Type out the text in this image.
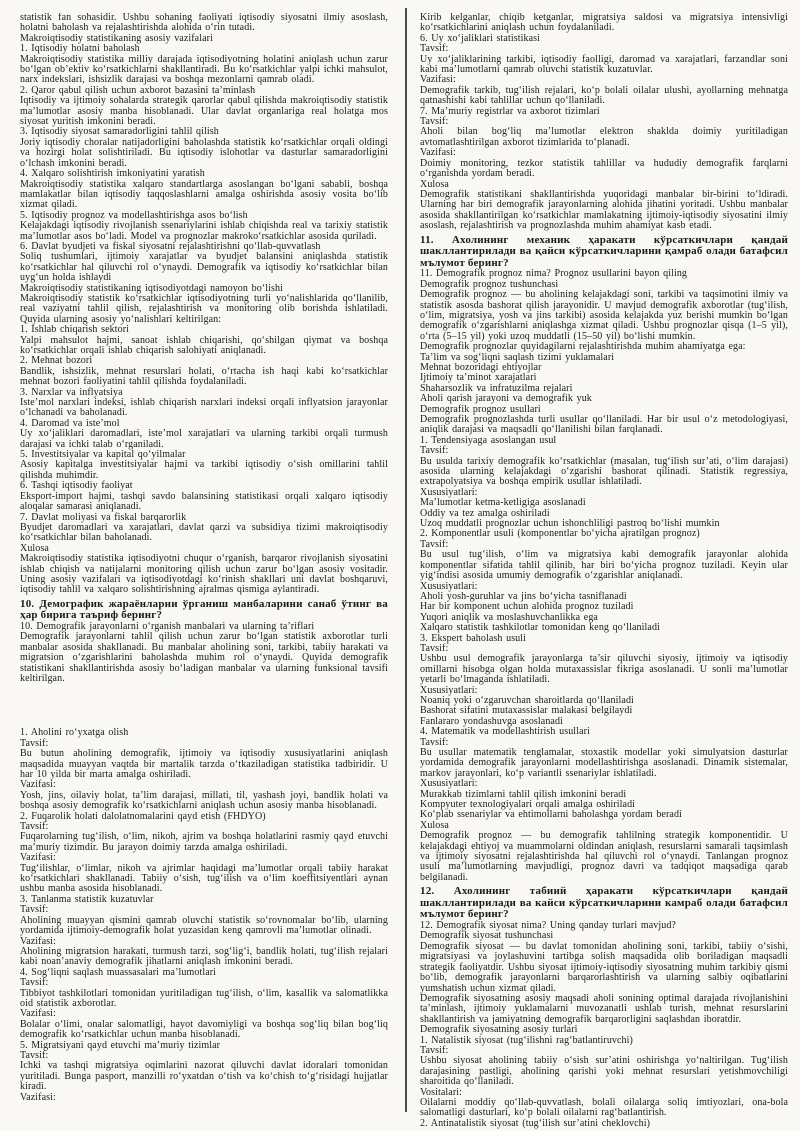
statistik fan sohasidir. Ushbu sohaning faoliyati iqtisodiy siyosatni ilmiy asoslash, holatni baholash va rejalashtirishda alohida o‘rin tutadi.

Makroiqtisodiy statistikaning asosiy vazifalari

1. Iqtisodiy holatni baholash

Makroiqtisodiy statistika milliy darajada iqtisodiyotning holatini aniqlash uchun zarur bo‘lgan ob’ektiv ko‘rsatkichlarni shakllantiradi. Bu ko‘rsatkichlar yalpi ichki mahsulot, narx indekslari, ishsizlik darajasi va boshqa mezonlarni qamrab oladi.

2. Qaror qabul qilish uchun axborot bazasini ta’minlash

Iqtisodiy va ijtimoiy sohalarda strategik qarorlar qabul qilishda makroiqtisodiy statistik ma’lumotlar asosiy manba hisoblanadi. Ular davlat organlariga real holatga mos siyosat yuritish imkonini beradi.

3. Iqtisodiy siyosat samaradorligini tahlil qilish

Joriy iqtisodiy choralar natijadorligini baholashda statistik ko‘rsatkichlar orqali oldingi va hozirgi holat solishtiriladi. Bu iqtisodiy islohotlar va dasturlar samaradorligini o‘lchash imkonini beradi.

4. Xalqaro solishtirish imkoniyatini yaratish

Makroiqtisodiy statistika xalqaro standartlarga asoslangan bo‘lgani sababli, boshqa mamlakatlar bilan iqtisodiy taqqoslashlarni amalga oshirishda asosiy vosita bo‘lib xizmat qiladi.

5. Iqtisodiy prognoz va modellashtirishga asos bo‘lish

Kelajakdagi iqtisodiy rivojlanish ssenariylarini ishlab chiqishda real va tarixiy statistik ma’lumotlar asos bo‘ladi. Model va prognozlar makroko‘rsatkichlar asosida quriladi.

6. Davlat byudjeti va fiskal siyosatni rejalashtirishni qo‘llab-quvvatlash

Soliq tushumlari, ijtimoiy xarajatlar va byudjet balansini aniqlashda statistik ko‘rsatkichlar hal qiluvchi rol o‘ynaydi. Demografik va iqtisodiy ko‘rsatkichlar bilan uyg‘un holda ishlaydi

Makroiqtisodiy statistikaning iqtisodiyotdagi namoyon bo‘lishi

Makroiqtisodiy statistik ko‘rsatkichlar iqtisodiyotning turli yo‘nalishlarida qo‘llanilib, real vaziyatni tahlil qilish, rejalashtirish va monitoring olib borishda ishlatiladi. Quyida ularning asosiy yo‘nalishlari keltirilgan:

1. Ishlab chiqarish sektori

Yalpi mahsulot hajmi, sanoat ishlab chiqarishi, qo‘shilgan qiymat va boshqa ko‘rsatkichlar orqali ishlab chiqarish salohiyati aniqlanadi.

2. Mehnat bozori

Bandlik, ishsizlik, mehnat resurslari holati, o‘rtacha ish haqi kabi ko‘rsatkichlar mehnat bozori faoliyatini tahlil qilishda foydalaniladi.

3. Narxlar va inflyatsiya

Iste’mol narxlari indeksi, ishlab chiqarish narxlari indeksi orqali inflyatsion jarayonlar o‘lchanadi va baholanadi.

4. Daromad va iste’mol

Uy xo‘jaliklari daromadlari, iste’mol xarajatlari va ularning tarkibi orqali turmush darajasi va ichki talab o‘rganiladi.

5. Investitsiyalar va kapital qo‘yilmalar

Asosiy kapitalga investitsiyalar hajmi va tarkibi iqtisodiy o‘sish omillarini tahlil qilishda muhimdir.

6. Tashqi iqtisodiy faoliyat

Eksport-import hajmi, tashqi savdo balansining statistikasi orqali xalqaro iqtisodiy aloqalar samarasi aniqlanadi.

7. Davlat moliyasi va fiskal barqarorlik

Byudjet daromadlari va xarajatlari, davlat qarzi va subsidiya tizimi makroiqtisodiy ko‘rsatkichlar bilan baholanadi.

Xulosa

Makroiqtisodiy statistika iqtisodiyotni chuqur o‘rganish, barqaror rivojlanish siyosatini ishlab chiqish va natijalarni monitoring qilish uchun zarur bo‘lgan asosiy vositadir. Uning asosiy vazifalari va iqtisodiyotdagi ko‘rinish shakllari uni davlat boshqaruvi, iqtisodiy tahlil va xalqaro solishtirishning ajralmas qismiga aylantiradi.

10. Демографик жараёнларни ўрганиш манбаларини санаб ўтинг ва ҳар бирига таъриф беринг?

10. Demografik jarayonlarni o‘rganish manbalari va ularning ta’riflari

Demografik jarayonlarni tahlil qilish uchun zarur bo‘lgan statistik axborotlar turli manbalar asosida shakllanadi. Bu manbalar aholining soni, tarkibi, tabiiy harakati va migratsion o‘zgarishlarini baholashda muhim rol o‘ynaydi. Quyida demografik statistikani shakllantirishda asosiy bo‘ladigan manbalar va ularning funksional tavsifi keltirilgan.

1. Aholini ro‘yxatga olish

Tavsif:

Bu butun aholining demografik, ijtimoiy va iqtisodiy xususiyatlarini aniqlash maqsadida muayyan vaqtda bir martalik tarzda o‘tkaziladigan statistika tadbiridir. U har 10 yilda bir marta amalga oshiriladi.

Vazifasi:

Yosh, jins, oilaviy holat, ta’lim darajasi, millati, til, yashash joyi, bandlik holati va boshqa asosiy demografik ko‘rsatkichlarni aniqlash uchun asosiy manba hisoblanadi.

2. Fuqarolik holati dalolatnomalarini qayd etish (FHDYO)

Tavsif:

Fuqarolarning tug‘ilish, o‘lim, nikoh, ajrim va boshqa holatlarini rasmiy qayd etuvchi ma’muriy tizimdir. Bu jarayon doimiy tarzda amalga oshiriladi.

Vazifasi:

Tug‘ilishlar, o‘limlar, nikoh va ajrimlar haqidagi ma’lumotlar orqali tabiiy harakat ko‘rsatkichlari shakllanadi. Tabiiy o‘sish, tug‘ilish va o‘lim koeffitsiyentlari aynan ushbu manba asosida hisoblanadi.

3. Tanlanma statistik kuzatuvlar

Tavsif:

Aholining muayyan qismini qamrab oluvchi statistik so‘rovnomalar bo‘lib, ularning yordamida ijtimoiy-demografik holat yuzasidan keng qamrovli ma’lumotlar olinadi.

Vazifasi:

Aholining migratsion harakati, turmush tarzi, sog‘lig‘i, bandlik holati, tug‘ilish rejalari kabi noan’anaviy demografik jihatlarni aniqlash imkonini beradi.

4. Sog‘liqni saqlash muassasalari ma’lumotlari

Tavsif:

Tibbiyot tashkilotlari tomonidan yuritiladigan tug‘ilish, o‘lim, kasallik va salomatlikka oid statistik axborotlar.

Vazifasi:

Bolalar o‘limi, onalar salomatligi, hayot davomiyligi va boshqa sog‘liq bilan bog‘liq demografik ko‘rsatkichlar uchun manba hisoblanadi.

5. Migratsiyani qayd etuvchi ma’muriy tizimlar

Tavsif:

Ichki va tashqi migratsiya oqimlarini nazorat qiluvchi davlat idoralari tomonidan yuritiladi. Bunga pasport, manzilli ro‘yxatdan o‘tish va ko‘chish to‘g‘risidagi hujjatlar kiradi.

Vazifasi:

Kirib kelganlar, chiqib ketganlar, migratsiya saldosi va migratsiya intensivligi ko‘rsatkichlarini aniqlash uchun foydalaniladi.

6. Uy xo‘jaliklari statistikasi

Tavsif:

Uy xo‘jaliklarining tarkibi, iqtisodiy faolligi, daromad va xarajatlari, farzandlar soni kabi ma’lumotlarni qamrab oluvchi statistik kuzatuvlar.

Vazifasi:

Demografik tarkib, tug‘ilish rejalari, ko‘p bolali oilalar ulushi, ayollarning mehnatga qatnashishi kabi tahlillar uchun qo‘llaniladi.

7. Ma’muriy registrlar va axborot tizimlari

Tavsif:

Aholi bilan bog‘liq ma’lumotlar elektron shaklda doimiy yuritiladigan avtomatlashtirilgan axborot tizimlarida to‘planadi.

Vazifasi:

Doimiy monitoring, tezkor statistik tahlillar va hududiy demografik farqlarni o‘rganishda yordam beradi.

Xulosa

Demografik statistikani shakllantirishda yuqoridagi manbalar bir-birini to‘ldiradi. Ularning har biri demografik jarayonlarning alohida jihatini yoritadi. Ushbu manbalar asosida shakllantirilgan ko‘rsatkichlar mamlakatning ijtimoiy-iqtisodiy siyosatini ilmiy asoslash, rejalashtirish va prognozlashda muhim ahamiyat kasb etadi.

11. Ахолининг механик ҳаракати кўрсаткичлари қандай шакллантирилади ва қайси кўрсаткичларини қамраб олади батафсил мълумот беринг?

11. Demografik prognoz nima? Prognoz usullarini bayon qiling

Demografik prognoz tushunchasi

Demografik prognoz — bu aholining kelajakdagi soni, tarkibi va taqsimotini ilmiy va statistik asosda bashorat qilish jarayonidir. U mavjud demografik axborotlar (tug‘ilish, o‘lim, migratsiya, yosh va jins tarkibi) asosida kelajakda yuz berishi mumkin bo‘lgan demografik o‘zgarishlarni aniqlashga xizmat qiladi. Ushbu prognozlar qisqa (1–5 yil), o‘rta (5–15 yil) yoki uzoq muddatli (15–50 yil) bo‘lishi mumkin.

Demografik prognozlar quyidagilarni rejalashtirishda muhim ahamiyatga ega:

Ta’lim va sog‘liqni saqlash tizimi yuklamalari

Mehnat bozoridagi ehtiyojlar

Ijtimoiy ta’minot xarajatlari

Shaharsozlik va infratuzilma rejalari

Aholi qarish jarayoni va demografik yuk

Demografik prognoz usullari

Demografik prognozlashda turli usullar qo‘llaniladi. Har bir usul o‘z metodologiyasi, aniqlik darajasi va maqsadli qo‘llanilishi bilan farqlanadi.

1. Tendensiyaga asoslangan usul

Tavsif:

Bu usulda tarixiy demografik ko‘rsatkichlar (masalan, tug‘ilish sur’ati, o‘lim darajasi) asosida ularning kelajakdagi o‘zgarishi bashorat qilinadi. Statistik regressiya, extrapolyatsiya va boshqa empirik usullar ishlatiladi.

Xususiyatlari:

Ma’lumotlar ketma-ketligiga asoslanadi

Oddiy va tez amalga oshiriladi

Uzoq muddatli prognozlar uchun ishonchliligi pastroq bo‘lishi mumkin

2. Komponentlar usuli (komponentlar bo‘yicha ajratilgan prognoz)

Tavsif:

Bu usul tug‘ilish, o‘lim va migratsiya kabi demografik jarayonlar alohida komponentlar sifatida tahlil qilinib, har biri bo‘yicha prognoz tuziladi. Keyin ular yig‘indisi asosida umumiy demografik o‘zgarishlar aniqlanadi.

Xususiyatlari:

Aholi yosh-guruhlar va jins bo‘yicha tasniflanadi

Har bir komponent uchun alohida prognoz tuziladi

Yuqori aniqlik va moslashuvchanlikka ega

Xalqaro statistik tashkilotlar tomonidan keng qo‘llaniladi

3. Ekspert baholash usuli

Tavsif:

Ushbu usul demografik jarayonlarga ta’sir qiluvchi siyosiy, ijtimoiy va iqtisodiy omillarni hisobga olgan holda mutaxassislar fikriga asoslanadi. U sonli ma’lumotlar yetarli bo‘lmaganda ishlatiladi.

Xususiyatlari:

Noaniq yoki o‘zgaruvchan sharoitlarda qo‘llaniladi

Bashorat sifatini mutaxassislar malakasi belgilaydi

Fanlararo yondashuvga asoslanadi

4. Matematik va modellashtirish usullari

Tavsif:

Bu usullar matematik tenglamalar, stoxastik modellar yoki simulyatsion dasturlar yordamida demografik jarayonlarni modellashtirishga asoslanadi. Dinamik sistemalar, markov jarayonlari, ko‘p variantli ssenariylar ishlatiladi.

Xususiyatlari:

Murakkab tizimlarni tahlil qilish imkonini beradi

Kompyuter texnologiyalari orqali amalga oshiriladi

Ko‘plab ssenariylar va ehtimollarni baholashga yordam beradi

Xulosa

Demografik prognoz — bu demografik tahlilning strategik komponentidir. U kelajakdagi ehtiyoj va muammolarni oldindan aniqlash, resurslarni samarali taqsimlash va ijtimoiy siyosatni rejalashtirishda hal qiluvchi rol o‘ynaydi. Tanlangan prognoz usuli ma’lumotlarning mavjudligi, prognoz davri va tadqiqot maqsadiga qarab belgilanadi.

12. Ахолининг табиий ҳаракати кўрсаткичлари қандай шакллантирилади ва кайси кўрсаткичларини камраб олади батафсил мълумот беринг?

12. Demografik siyosat nima? Uning qanday turlari mavjud?

Demografik siyosat tushunchasi

Demografik siyosat — bu davlat tomonidan aholining soni, tarkibi, tabiiy o‘sishi, migratsiyasi va joylashuvini tartibga solish maqsadida olib boriladigan maqsadli strategik faoliyatdir. Ushbu siyosat ijtimoiy-iqtisodiy siyosatning muhim tarkibiy qismi bo‘lib, demografik jarayonlarni barqarorlashtirish va ularning salbiy oqibatlarini yumshatish uchun xizmat qiladi.

Demografik siyosatning asosiy maqsadi aholi sonining optimal darajada rivojlanishini ta’minlash, ijtimoiy yuklamalarni muvozanatli ushlab turish, mehnat resurslarini shakllantirish va jamiyatning demografik barqarorligini saqlashdan iboratdir.

Demografik siyosatning asosiy turlari

1. Natalistik siyosat (tug‘ilishni rag‘batlantiruvchi)

Tavsif:

Ushbu siyosat aholining tabiiy o‘sish sur’atini oshirishga yo‘naltirilgan. Tug‘ilish darajasining pastligi, aholining qarishi yoki mehnat resurslari yetishmovchiligi sharoitida qo‘llaniladi.

Vositalari:

Oilalarni moddiy qo‘llab-quvvatlash, bolali oilalarga soliq imtiyozlari, ona-bola salomatligi dasturlari, ko‘p bolali oilalarni rag‘batlantirish.

2. Antinatalistik siyosat (tug‘ilish sur’atini cheklovchi)
